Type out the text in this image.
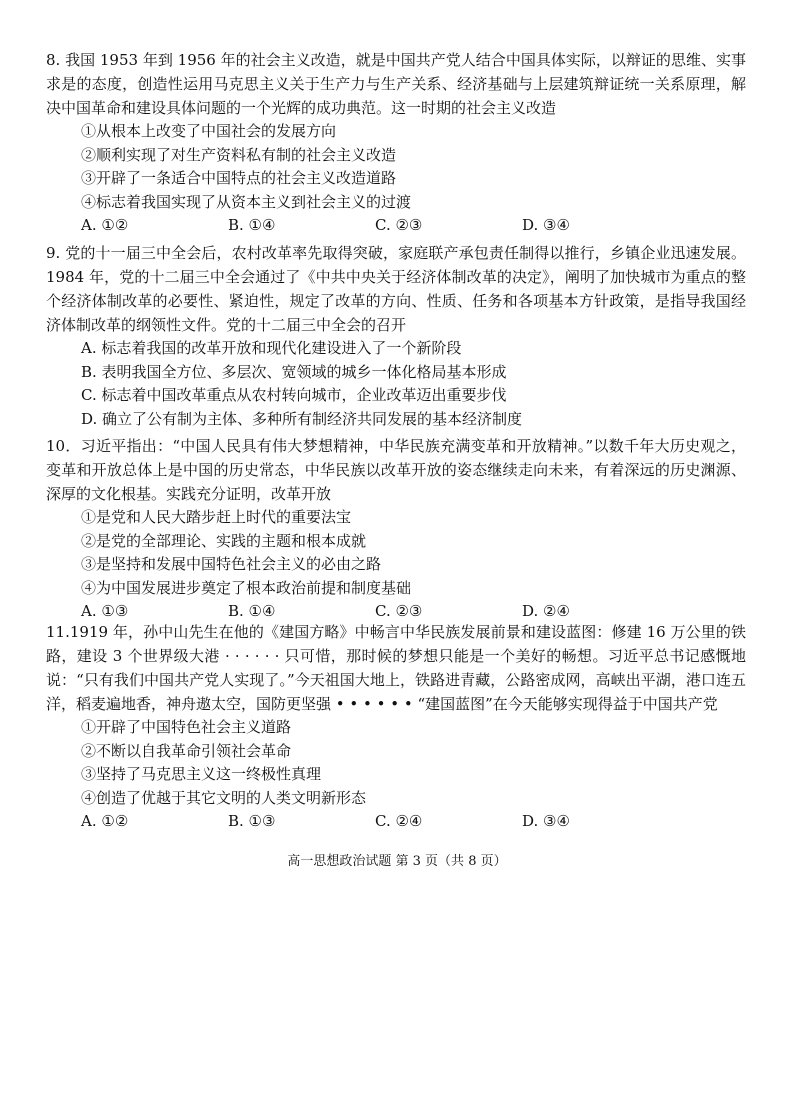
8. 我国 1953 年到 1956 年的社会主义改造，就是中国共产党人结合中国具体实际，以辩证的思维、实事求是的态度，创造性运用马克思主义关于生产力与生产关系、经济基础与上层建筑辩证统一关系原理，解决中国革命和建设具体问题的一个光辉的成功典范。这一时期的社会主义改造

①从根本上改变了中国社会的发展方向

②顺利实现了对生产资料私有制的社会主义改造

③开辟了一条适合中国特点的社会主义改造道路

④标志着我国实现了从资本主义到社会主义的过渡

A. ①②	B. ①④	C. ②③	D. ③④

9. 党的十一届三中全会后，农村改革率先取得突破，家庭联产承包责任制得以推行，乡镇企业迅速发展。1984 年，党的十二届三中全会通过了《中共中央关于经济体制改革的决定》，阐明了加快城市为重点的整个经济体制改革的必要性、紧迫性，规定了改革的方向、性质、任务和各项基本方针政策，是指导我国经济体制改革的纲领性文件。党的十二届三中全会的召开

A. 标志着我国的改革开放和现代化建设进入了一个新阶段

B. 表明我国全方位、多层次、宽领域的城乡一体化格局基本形成

C. 标志着中国改革重点从农村转向城市，企业改革迈出重要步伐

D. 确立了公有制为主体、多种所有制经济共同发展的基本经济制度

10．习近平指出：“中国人民具有伟大梦想精神，中华民族充满变革和开放精神。”以数千年大历史观之，变革和开放总体上是中国的历史常态，中华民族以改革开放的姿态继续走向未来，有着深远的历史渊源、深厚的文化根基。实践充分证明，改革开放

①是党和人民大踏步赶上时代的重要法宝

②是党的全部理论、实践的主题和根本成就

③是坚持和发展中国特色社会主义的必由之路

④为中国发展进步奠定了根本政治前提和制度基础

A. ①③	B. ①④	C. ②③	D. ②④

11.1919 年，孙中山先生在他的《建国方略》中畅言中华民族发展前景和建设蓝图：修建 16 万公里的铁路，建设 3 个世界级大港 · · · · · · 只可惜，那时候的梦想只能是一个美好的畅想。习近平总书记感慨地说：“只有我们中国共产党人实现了。”今天祖国大地上，铁路进青藏，公路密成网，高峡出平湖，港口连五洋，稻麦遍地香，神舟遨太空，国防更坚强 • • • • • • “建国蓝图”在今天能够实现得益于中国共产党

①开辟了中国特色社会主义道路

②不断以自我革命引领社会革命

③坚持了马克思主义这一终极性真理

④创造了优越于其它文明的人类文明新形态

A. ①②	B. ①③	C. ②④	D. ③④
高一思想政治试题 第 3 页（共 8 页）
